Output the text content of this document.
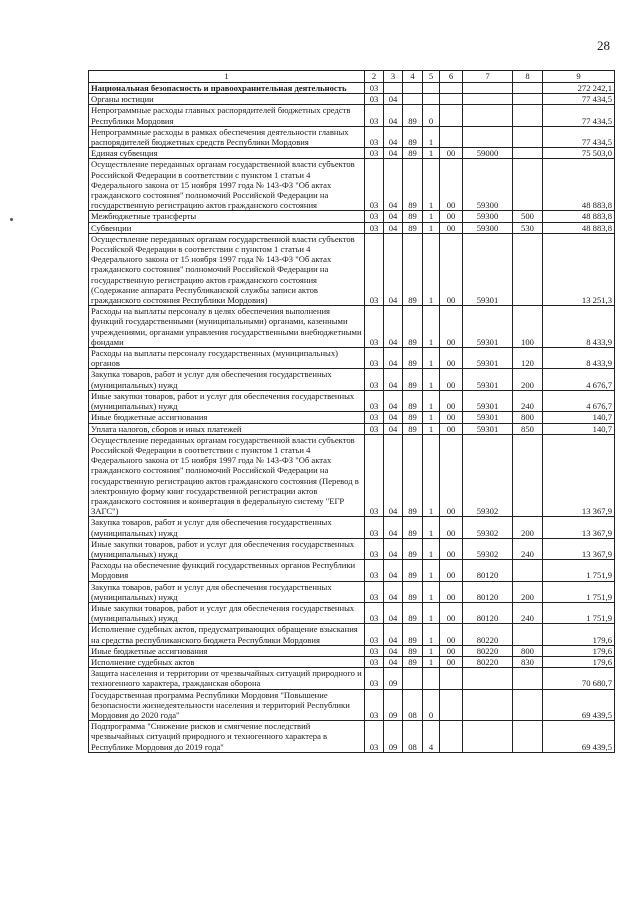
28
1	2	3	4	5	6	7	8	9
Национальная безопасность и правоохранительная деятельность	03							272 242,1
Органы юстиции	03	04						77 434,5
Непрограммные расходы главных распорядителей бюджетных средств Республики Мордовия	03	04	89	0				77 434,5
Непрограммные расходы в рамках обеспечения деятельности главных распорядителей бюджетных средств Республики Мордовия	03	04	89	1				77 434,5
Единая субвенция	03	04	89	1	00	59000		75 503,0
Осуществление переданных органам государственной власти субъектов Российской Федерации в соответствии с пунктом 1 статьи 4 Федерального закона от 15 ноября 1997 года № 143-ФЗ "Об актах гражданского состояния" полномочий Российской Федерации на государственную регистрацию актов гражданского состояния	03	04	89	1	00	59300		48 883,8
Межбюджетные трансферты	03	04	89	1	00	59300	500	48 883,8
Субвенции	03	04	89	1	00	59300	530	48 883,8
Осуществление переданных органам государственной власти субъектов Российской Федерации в соответствии с пунктом 1 статьи 4 Федерального закона от 15 ноября 1997 года № 143-ФЗ "Об актах гражданского состояния" полномочий Российской Федерации на государственную регистрацию актов гражданского состояния (Содержание аппарата Республиканской службы записи актов гражданского состояния Республики Мордовия)	03	04	89	1	00	59301		13 251,3
Расходы на выплаты персоналу в целях обеспечения выполнения функций государственными (муниципальными) органами, казенными учреждениями, органами управления государственными внебюджетными фондами	03	04	89	1	00	59301	100	8 433,9
Расходы на выплаты персоналу государственных (муниципальных) органов	03	04	89	1	00	59301	120	8 433,9
Закупка товаров, работ и услуг для обеспечения государственных (муниципальных) нужд	03	04	89	1	00	59301	200	4 676,7
Иные закупки товаров, работ и услуг для обеспечения государственных (муниципальных) нужд	03	04	89	1	00	59301	240	4 676,7
Иные бюджетные ассигнования	03	04	89	1	00	59301	800	140,7
Уплата налогов, сборов и иных платежей	03	04	89	1	00	59301	850	140,7
Осуществление переданных органам государственной власти субъектов Российской Федерации в соответствии с пунктом 1 статьи 4 Федерального закона от 15 ноября 1997 года № 143-ФЗ "Об актах гражданского состояния" полномочий Российской Федерации на государственную регистрацию актов гражданского состояния (Перевод в электронную форму книг государственной регистрации актов гражданского состояния и конвертация в федеральную систему "ЕГР ЗАГС")	03	04	89	1	00	59302		13 367,9
Закупка товаров, работ и услуг для обеспечения государственных (муниципальных) нужд	03	04	89	1	00	59302	200	13 367,9
Иные закупки товаров, работ и услуг для обеспечения государственных (муниципальных) нужд	03	04	89	1	00	59302	240	13 367,9
Расходы на обеспечение функций государственных органов Республики Мордовия	03	04	89	1	00	80120		1 751,9
Закупка товаров, работ и услуг для обеспечения государственных (муниципальных) нужд	03	04	89	1	00	80120	200	1 751,9
Иные закупки товаров, работ и услуг для обеспечения государственных (муниципальных) нужд	03	04	89	1	00	80120	240	1 751,9
Исполнение судебных актов, предусматривающих обращение взыскания на средства республиканского бюджета Республики Мордовия	03	04	89	1	00	80220		179,6
Иные бюджетные ассигнования	03	04	89	1	00	80220	800	179,6
Исполнение судебных актов	03	04	89	1	00	80220	830	179,6
Защита населения и территории от чрезвычайных ситуаций природного и техногенного характера, гражданская оборона	03	09						70 680,7
Государственная программа Республики Мордовия "Повышение безопасности жизнедеятельности населения и территорий Республики Мордовия до 2020 года"	03	09	08	0				69 439,5
Подпрограмма "Снижение рисков и смягчение последствий чрезвычайных ситуаций природного и техногенного характера в Республике Мордовия до 2019 года"	03	09	08	4				69 439,5
